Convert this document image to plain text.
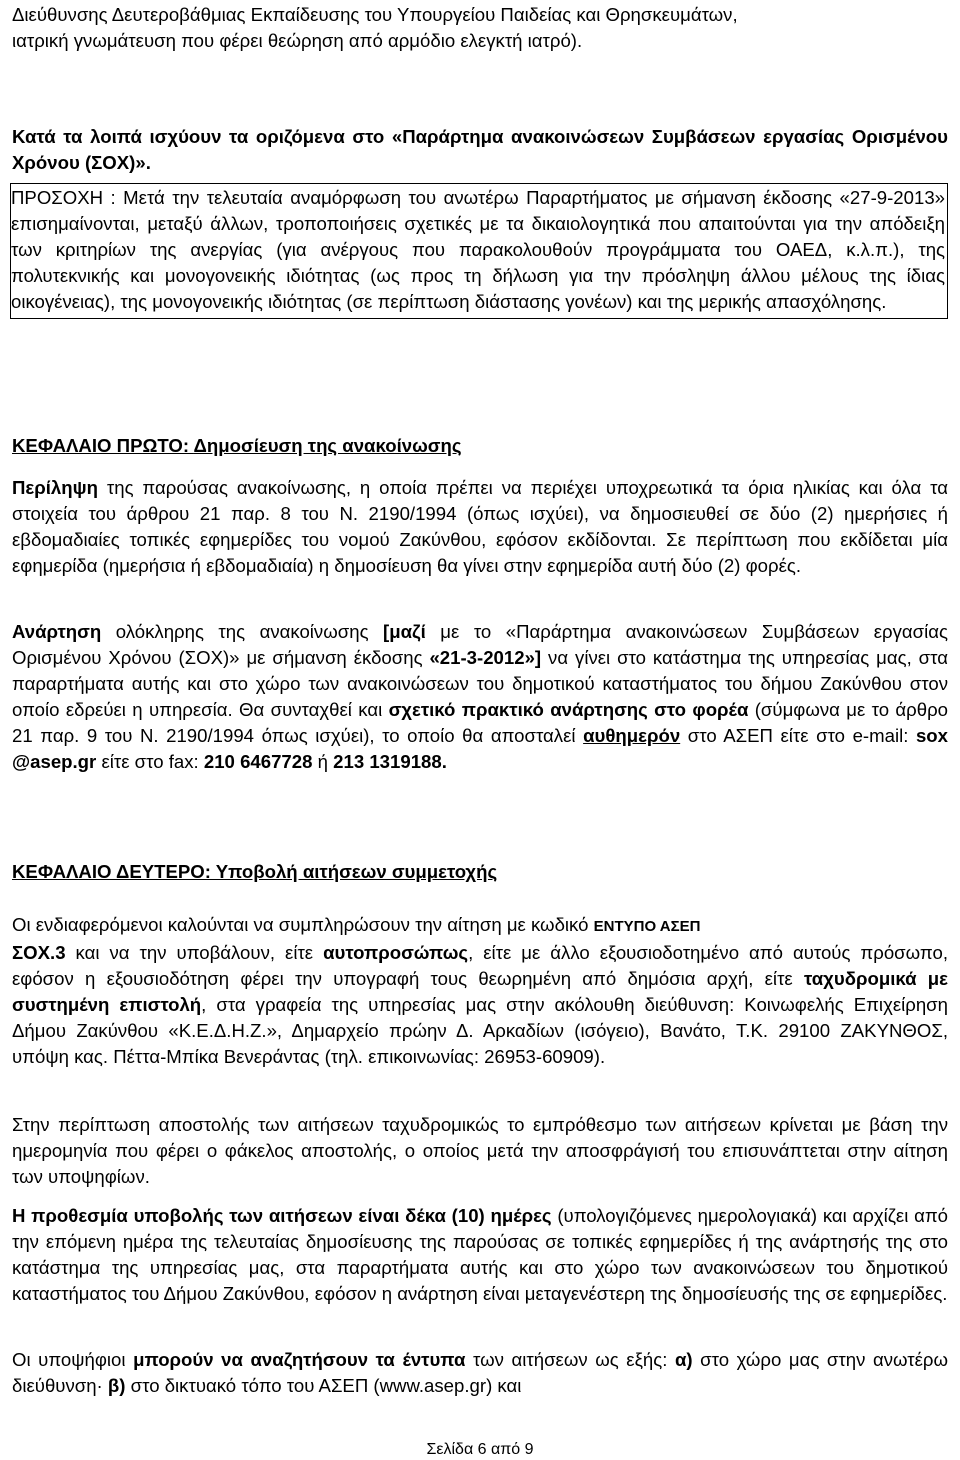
Διεύθυνσης Δευτεροβάθμιας Εκπαίδευσης του Υπουργείου Παιδείας και Θρησκευμάτων,
ιατρική γνωμάτευση που φέρει θεώρηση από αρμόδιο ελεγκτή ιατρό).

Κατά τα λοιπά ισχύουν τα οριζόμενα στο «Παράρτημα ανακοινώσεων Συμβάσεων εργασίας Ορισμένου Χρόνου (ΣΟΧ)».

ΠΡΟΣΟΧΗ : Μετά την τελευταία αναμόρφωση του ανωτέρω Παραρτήματος με σήμανση έκδοσης «27-9-2013» επισημαίνονται, μεταξύ άλλων, τροποποιήσεις σχετικές με τα δικαιολογητικά που απαιτούνται για την απόδειξη των κριτηρίων της ανεργίας (για ανέργους που παρακολουθούν προγράμματα του ΟΑΕΔ, κ.λ.π.), της πολυτεκνικής και μονογονεικής ιδιότητας (ως προς τη δήλωση για την πρόσληψη άλλου μέλους της ίδιας οικογένειας), της μονογονεικής ιδιότητας (σε περίπτωση διάστασης γονέων) και της μερικής απασχόλησης.

ΚΕΦΑΛΑΙΟ ΠΡΩΤΟ: Δημοσίευση της ανακοίνωσης

Περίληψη της παρούσας ανακοίνωσης, η οποία πρέπει να περιέχει υποχρεωτικά τα όρια ηλικίας και όλα τα στοιχεία του άρθρου 21 παρ. 8 του Ν. 2190/1994 (όπως ισχύει), να δημοσιευθεί σε δύο (2) ημερήσιες ή εβδομαδιαίες τοπικές εφημερίδες του νομού Ζακύνθου, εφόσον εκδίδονται. Σε περίπτωση που εκδίδεται μία εφημερίδα (ημερήσια ή εβδομαδιαία) η δημοσίευση θα γίνει στην εφημερίδα αυτή δύο (2) φορές.

Ανάρτηση ολόκληρης της ανακοίνωσης [μαζί με το «Παράρτημα ανακοινώσεων Συμβάσεων εργασίας Ορισμένου Χρόνου (ΣΟΧ)» με σήμανση έκδοσης «21-3-2012»] να γίνει στο κατάστημα της υπηρεσίας μας, στα παραρτήματα αυτής και στο χώρο των ανακοινώσεων του δημοτικού καταστήματος του δήμου Ζακύνθου στον οποίο εδρεύει η υπηρεσία. Θα συνταχθεί και σχετικό πρακτικό ανάρτησης στο φορέα (σύμφωνα με το άρθρο 21 παρ. 9 του Ν. 2190/1994 όπως ισχύει), το οποίο θα αποσταλεί αυθημερόν στο ΑΣΕΠ είτε στο e-mail: sox @asep.gr είτε στο fax: 210 6467728 ή 213 1319188.

ΚΕΦΑΛΑΙΟ ΔΕΥΤΕΡΟ: Υποβολή αιτήσεων συμμετοχής

Οι ενδιαφερόμενοι καλούνται να συμπληρώσουν την αίτηση με κωδικό ΕΝΤΥΠΟ ΑΣΕΠ
ΣΟΧ.3 και να την υποβάλουν, είτε αυτοπροσώπως, είτε με άλλο εξουσιοδοτημένο από αυτούς πρόσωπο, εφόσον η εξουσιοδότηση φέρει την υπογραφή τους θεωρημένη από δημόσια αρχή, είτε ταχυδρομικά με συστημένη επιστολή, στα γραφεία της υπηρεσίας μας στην ακόλουθη διεύθυνση: Κοινωφελής Επιχείρηση Δήμου Ζακύνθου «Κ.Ε.Δ.Η.Ζ.», Δημαρχείο πρώην Δ. Αρκαδίων (ισόγειο), Βανάτο, Τ.Κ. 29100 ΖΑΚΥΝΘΟΣ, υπόψη κας. Πέττα-Μπίκα Βενεράντας (τηλ. επικοινωνίας: 26953-60909).

Στην περίπτωση αποστολής των αιτήσεων ταχυδρομικώς το εμπρόθεσμο των αιτήσεων κρίνεται με βάση την ημερομηνία που φέρει ο φάκελος αποστολής, ο οποίος μετά την αποσφράγισή του επισυνάπτεται στην αίτηση των υποψηφίων.

Η προθεσμία υποβολής των αιτήσεων είναι δέκα (10) ημέρες (υπολογιζόμενες ημερολογιακά) και αρχίζει από την επόμενη ημέρα της τελευταίας δημοσίευσης της παρούσας σε τοπικές εφημερίδες ή της ανάρτησής της στο κατάστημα της υπηρεσίας μας, στα παραρτήματα αυτής και στο χώρο των ανακοινώσεων του δημοτικού καταστήματος του Δήμου Ζακύνθου, εφόσον η ανάρτηση είναι μεταγενέστερη της δημοσίευσής της σε εφημερίδες.

Οι υποψήφιοι μπορούν να αναζητήσουν τα έντυπα των αιτήσεων ως εξής: α) στο χώρο μας στην ανωτέρω διεύθυνση· β) στο δικτυακό τόπο του ΑΣΕΠ (www.asep.gr) και

Σελίδα 6 από 9
